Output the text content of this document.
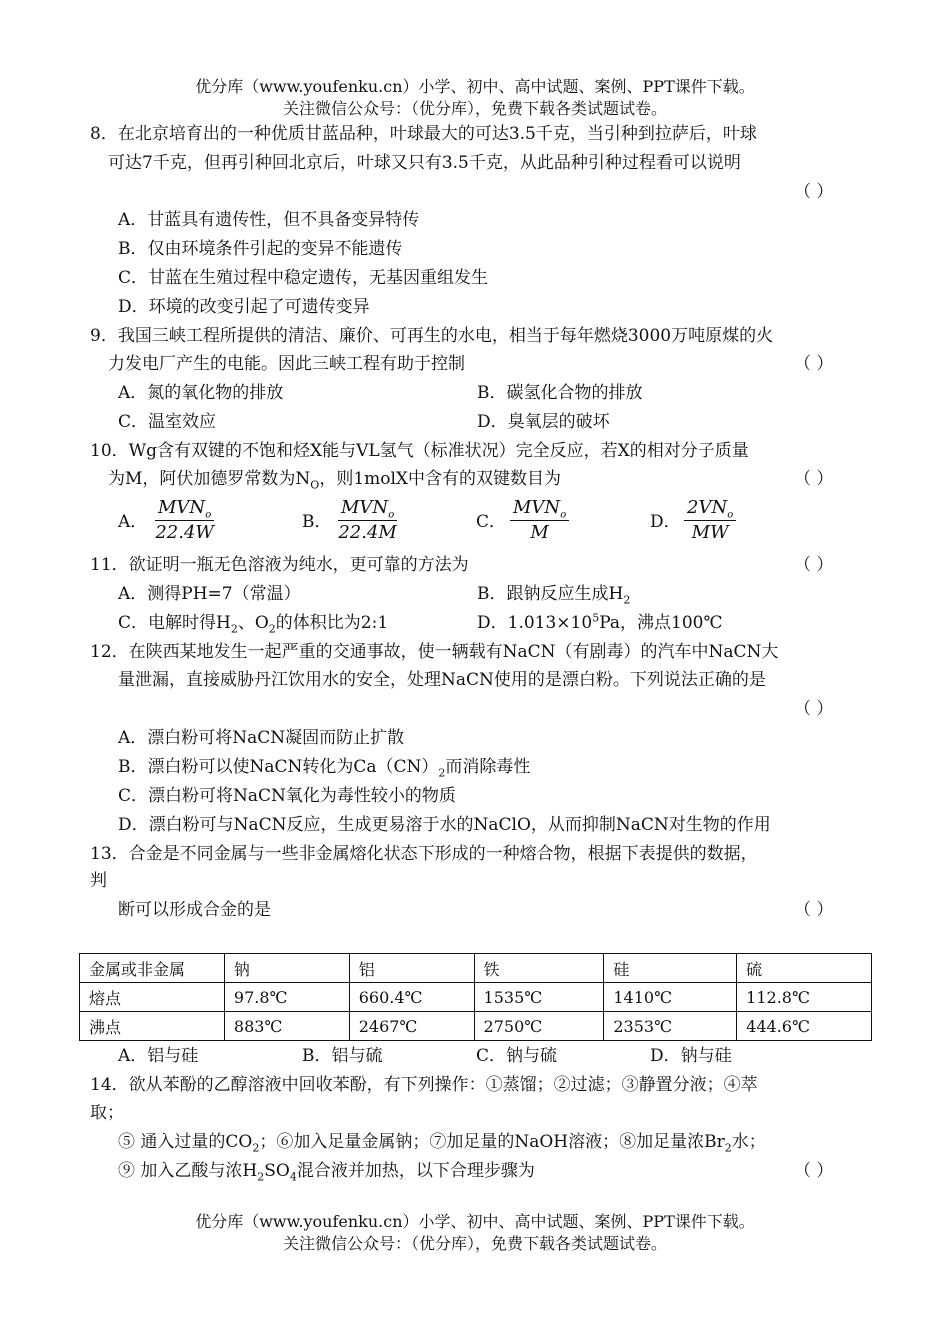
优分库（www.youfenku.cn）小学、初中、高中试题、案例、PPT课件下载。
关注微信公众号：（优分库），免费下载各类试题试卷。
8．在北京培育出的一种优质甘蓝品种，叶球最大的可达3.5千克，当引种到拉萨后，叶球
可达7千克，但再引种回北京后，叶球又只有3.5千克，从此品种引种过程看可以说明
（ ）
A．甘蓝具有遗传性，但不具备变异特传
B．仅由环境条件引起的变异不能遗传
C．甘蓝在生殖过程中稳定遗传，无基因重组发生
D．环境的改变引起了可遗传变异
9．我国三峡工程所提供的清洁、廉价、可再生的水电，相当于每年燃烧3000万吨原煤的火
力发电厂产生的电能。因此三峡工程有助于控制	（ ）
A．氮的氧化物的排放	B．碳氢化合物的排放
C．温室效应	D．臭氧层的破坏
10．Wg含有双键的不饱和烃X能与VL氢气（标准状况）完全反应，若X的相对分子质量
为M，阿伏加德罗常数为$N_O$，则1molX中含有的双键数目为	（ ）
A．
$MVN_o$
22.4W	B．
$MVN_o$
22.4M	C．
$MVN_o$
M	D．
$2VN_o$
MW
11．欲证明一瓶无色溶液为纯水，更可靠的方法为	（ ）
A．测得PH=7（常温）	B．跟钠反应生成$H_2$
C．电解时得$H_2$、$O_2$的体积比为2:1	D．$1.013\times 10^5Pa$，沸点100℃
12．在陕西某地发生一起严重的交通事故，使一辆载有NaCN（有剧毒）的汽车中NaCN大
量泄漏，直接威胁丹江饮用水的安全，处理NaCN使用的是漂白粉。下列说法正确的是
（ ）
A．漂白粉可将NaCN凝固而防止扩散
B．漂白粉可以使NaCN转化为$Ca(CN)_2$而消除毒性
C．漂白粉可将NaCN氧化为毒性较小的物质
D．漂白粉可与NaCN反应，生成更易溶于水的NaClO，从而抑制NaCN对生物的作用
13．合金是不同金属与一些非金属熔化状态下形成的一种熔合物，根据下表提供的数据，
判
断可以形成合金的是	（ ）
金属或非金属	钠	铝	铁	硅	硫
熔点	97.8℃	660.4℃	1535℃	1410℃	112.8℃
沸点	883℃	2467℃	2750℃	2353℃	444.6℃
A．铝与硅	B．铝与硫	C．钠与硫	D．钠与硅
14．欲从苯酚的乙醇溶液中回收苯酚，有下列操作：①蒸馏；②过滤；③静置分液；④萃
取；
⑤ 通入过量的$CO_2$；⑥加入足量金属钠；⑦加足量的NaOH溶液；⑧加足量浓$Br_2$水；
⑨ 加入乙酸与浓$H_2SO_4$混合液并加热，以下合理步骤为	（ ）
优分库（www.youfenku.cn）小学、初中、高中试题、案例、PPT课件下载。
关注微信公众号：（优分库），免费下载各类试题试卷。
